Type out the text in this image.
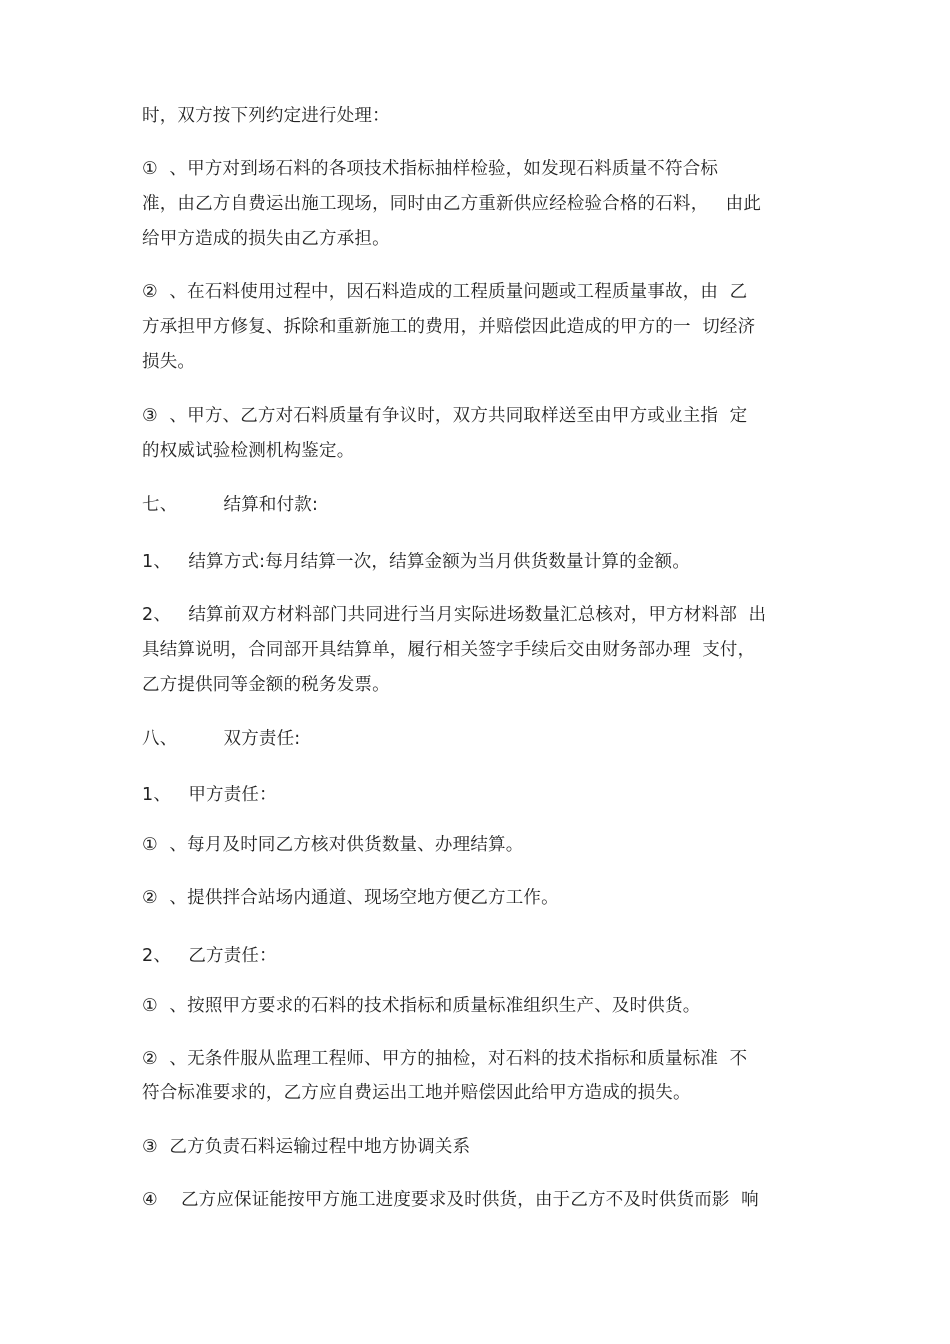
时，双方按下列约定进行处理：
①  、甲方对到场石料的各项技术指标抽样检验，如发现石料质量不符合标
准，由乙方自费运出施工现场，同时由乙方重新供应经检验合格的石料，   由此
给甲方造成的损失由乙方承担。
②  、在石料使用过程中，因石料造成的工程质量问题或工程质量事故，由  乙
方承担甲方修复、拆除和重新施工的费用，并赔偿因此造成的甲方的一  切经济
损失。
③  、甲方、乙方对石料质量有争议时，双方共同取样送至由甲方或业主指  定
的权威试验检测机构鉴定。
七、        结算和付款:
1、   结算方式:每月结算一次，结算金额为当月供货数量计算的金额。
2、   结算前双方材料部门共同进行当月实际进场数量汇总核对，甲方材料部  出
具结算说明，合同部开具结算单，履行相关签字手续后交由财务部办理  支付，
乙方提供同等金额的税务发票。
八、        双方责任:
1、   甲方责任：
①  、每月及时同乙方核对供货数量、办理结算。
②  、提供拌合站场内通道、现场空地方便乙方工作。
2、   乙方责任：
①  、按照甲方要求的石料的技术指标和质量标准组织生产、及时供货。
②  、无条件服从监理工程师、甲方的抽检，对石料的技术指标和质量标准  不
符合标准要求的，乙方应自费运出工地并赔偿因此给甲方造成的损失。
③  乙方负责石料运输过程中地方协调关系
④    乙方应保证能按甲方施工进度要求及时供货，由于乙方不及时供货而影  响
